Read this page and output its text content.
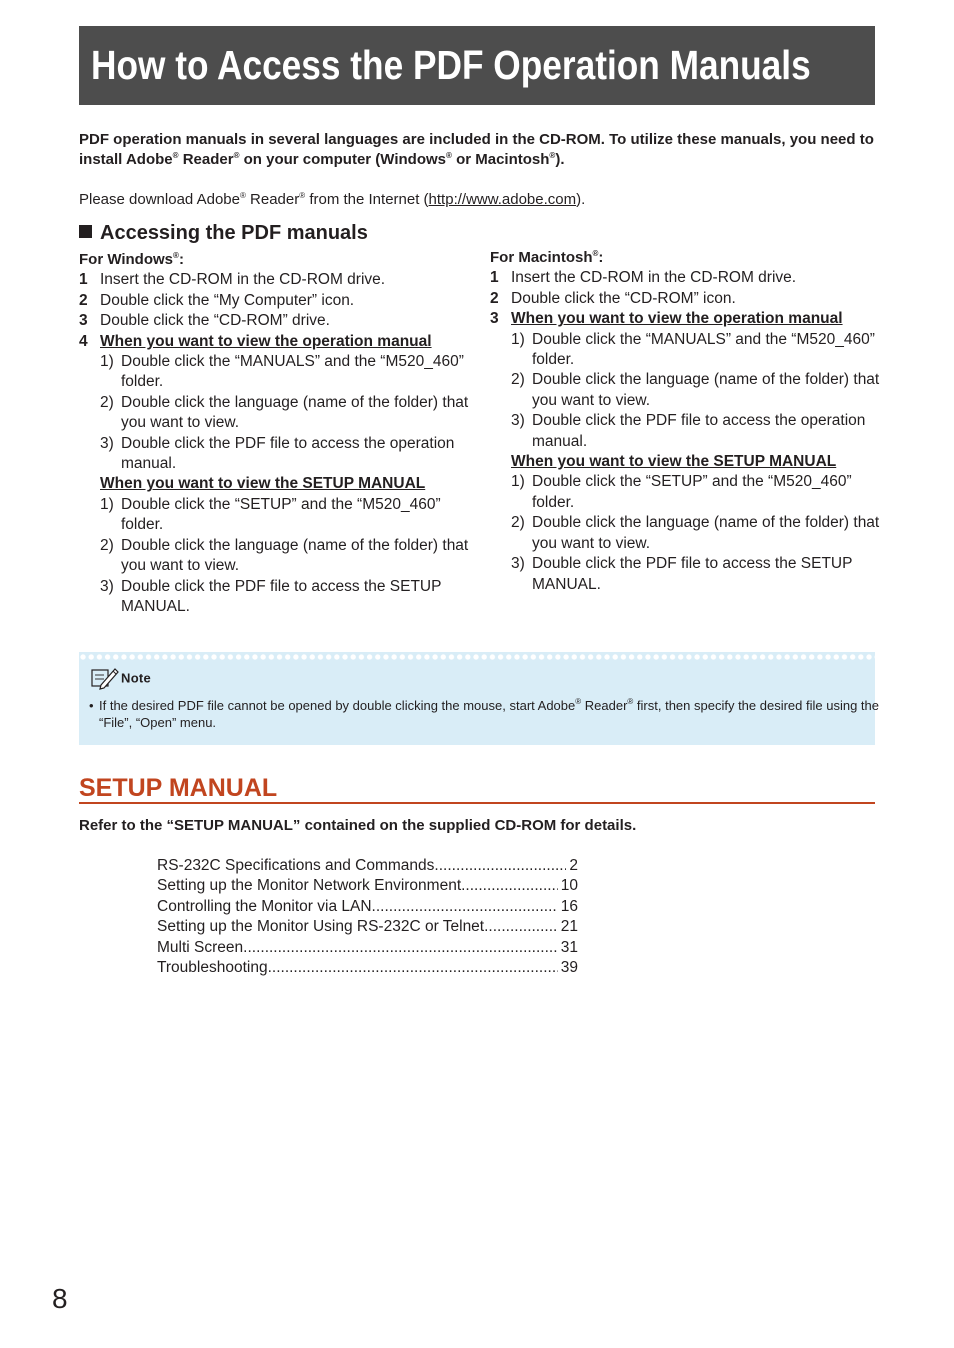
How to Access the PDF Operation Manuals
PDF operation manuals in several languages are included in the CD-ROM. To utilize these manuals, you need to install Adobe® Reader® on your computer (Windows® or Macintosh®).
Please download Adobe® Reader® from the Internet (http://www.adobe.com).
Accessing the PDF manuals
For Windows®:
1 Insert the CD-ROM in the CD-ROM drive.
2 Double click the “My Computer” icon.
3 Double click the “CD-ROM” drive.
4 When you want to view the operation manual
1) Double click the “MANUALS” and the “M520_460” folder.
2) Double click the language (name of the folder) that you want to view.
3) Double click the PDF file to access the operation manual.
When you want to view the SETUP MANUAL
1) Double click the “SETUP” and the “M520_460” folder.
2) Double click the language (name of the folder) that you want to view.
3) Double click the PDF file to access the SETUP MANUAL.
For Macintosh®:
1 Insert the CD-ROM in the CD-ROM drive.
2 Double click the “CD-ROM” icon.
3 When you want to view the operation manual
1) Double click the “MANUALS” and the “M520_460” folder.
2) Double click the language (name of the folder) that you want to view.
3) Double click the PDF file to access the operation manual.
When you want to view the SETUP MANUAL
1) Double click the “SETUP” and the “M520_460” folder.
2) Double click the language (name of the folder) that you want to view.
3) Double click the PDF file to access the SETUP MANUAL.
Note
• If the desired PDF file cannot be opened by double clicking the mouse, start Adobe® Reader® first, then specify the desired file using the “File”, “Open” menu.
SETUP MANUAL
Refer to the “SETUP MANUAL” contained on the supplied CD-ROM for details.
RS-232C Specifications and Commands .....	2
Setting up the Monitor Network Environment .....	10
Controlling the Monitor via LAN .....	16
Setting up the Monitor Using RS-232C or Telnet .....	21
Multi Screen .....	31
Troubleshooting .....	39
8
